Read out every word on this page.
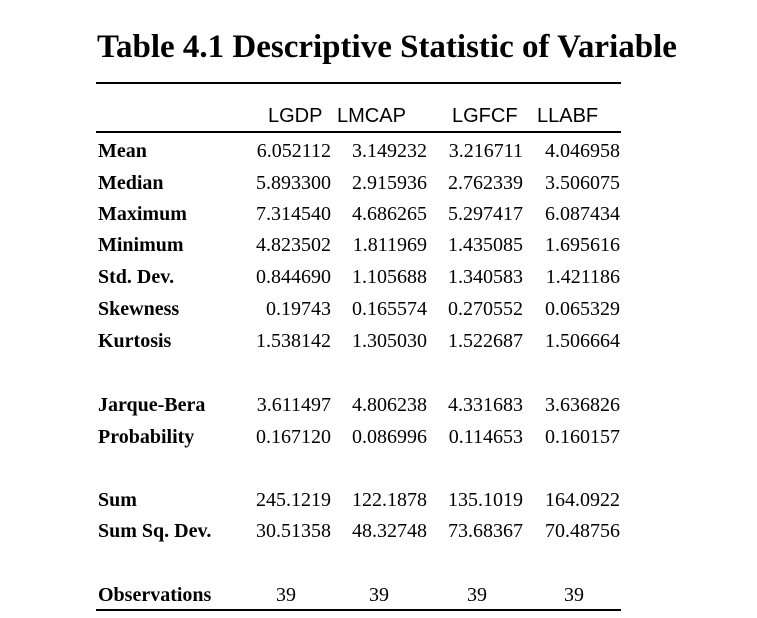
Table 4.1 Descriptive Statistic of Variable
LGDP LMCAP LGFCF LLABF
Mean	6.052112 3.149232 3.216711 4.046958
Median	5.893300 2.915936 2.762339 3.506075
Maximum	7.314540 4.686265 5.297417 6.087434
Minimum	4.823502 1.811969 1.435085 1.695616
Std. Dev.	0.844690 1.105688 1.340583 1.421186
Skewness	0.19743 0.165574 0.270552 0.065329
Kurtosis	1.538142 1.305030 1.522687 1.506664
Jarque-Bera	3.611497 4.806238 4.331683 3.636826
Probability	0.167120 0.086996 0.114653 0.160157
Sum	245.1219 122.1878 135.1019 164.0922
Sum Sq. Dev. 30.51358 48.32748 73.68367 70.48756
Observations	39	39	39	39
